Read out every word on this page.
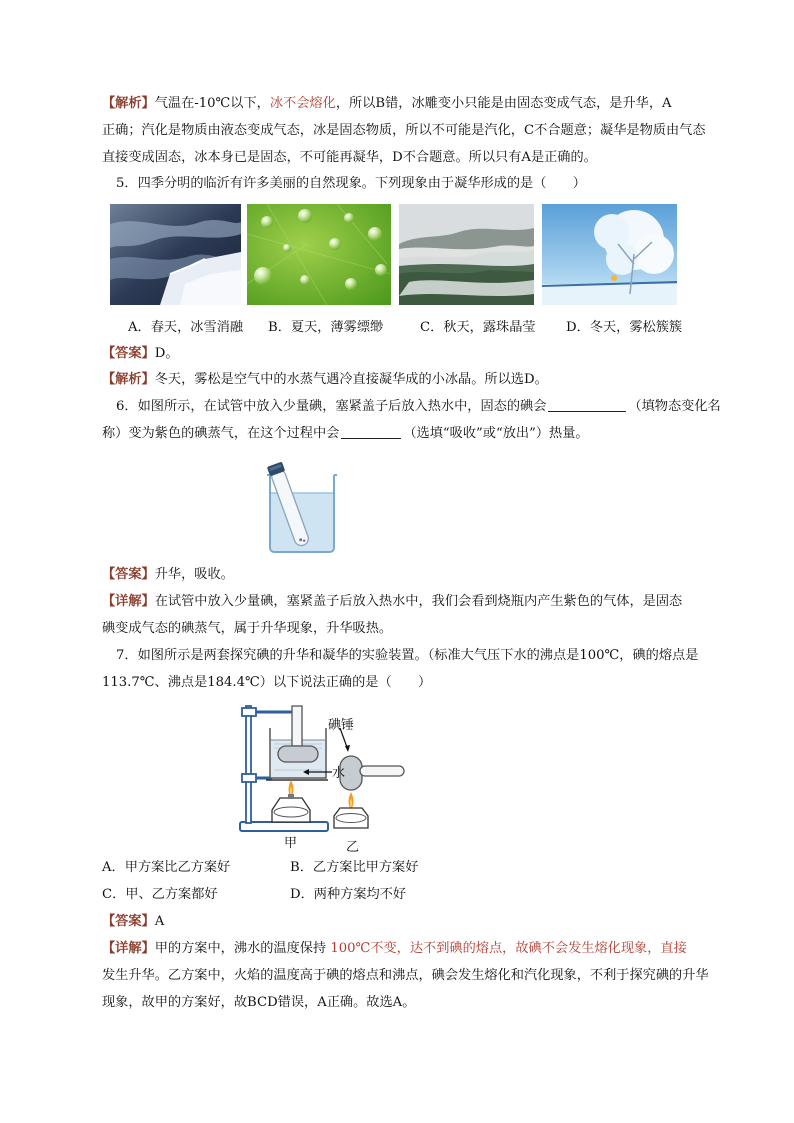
【解析】气温在-10℃以下，冰不会熔化，所以B错，冰雕变小只能是由固态变成气态，是升华，A
正确；汽化是物质由液态变成气态，冰是固态物质，所以不可能是汽化，C不合题意；凝华是物质由气态
直接变成固态，冰本身已是固态，不可能再凝华，D不合题意。所以只有A是正确的。
5．四季分明的临沂有许多美丽的自然现象。下列现象由于凝华形成的是（　　）
A．春天，冰雪消融 B．夏天，薄雾缥缈	C．秋天，露珠晶莹 D．冬天，雾松簇簇
【答案】D。
【解析】冬天，雾松是空气中的水蒸气遇冷直接凝华成的小冰晶。所以选D。
6．如图所示，在试管中放入少量碘，塞紧盖子后放入热水中，固态的碘会	（填物态变化名
称）变为紫色的碘蒸气，在这个过程中会	（选填“吸收”或“放出”）热量。
【答案】升华，吸收。
【详解】在试管中放入少量碘，塞紧盖子后放入热水中，我们会看到烧瓶内产生紫色的气体，是固态
碘变成气态的碘蒸气，属于升华现象，升华吸热。
7．如图所示是两套探究碘的升华和凝华的实验装置。（标准大气压下水的沸点是100℃，碘的熔点是
113.7℃、沸点是184.4℃）以下说法正确的是（　　）
碘锤
水
甲	乙
A．甲方案比乙方案好	B．乙方案比甲方案好
C．甲、乙方案都好	D．两种方案均不好
【答案】A
【详解】甲的方案中，沸水的温度保持 100℃不变，达不到碘的熔点，故碘不会发生熔化现象，直接
发生升华。乙方案中，火焰的温度高于碘的熔点和沸点，碘会发生熔化和汽化现象，不利于探究碘的升华
现象，故甲的方案好，故BCD错误，A正确。故选A。
